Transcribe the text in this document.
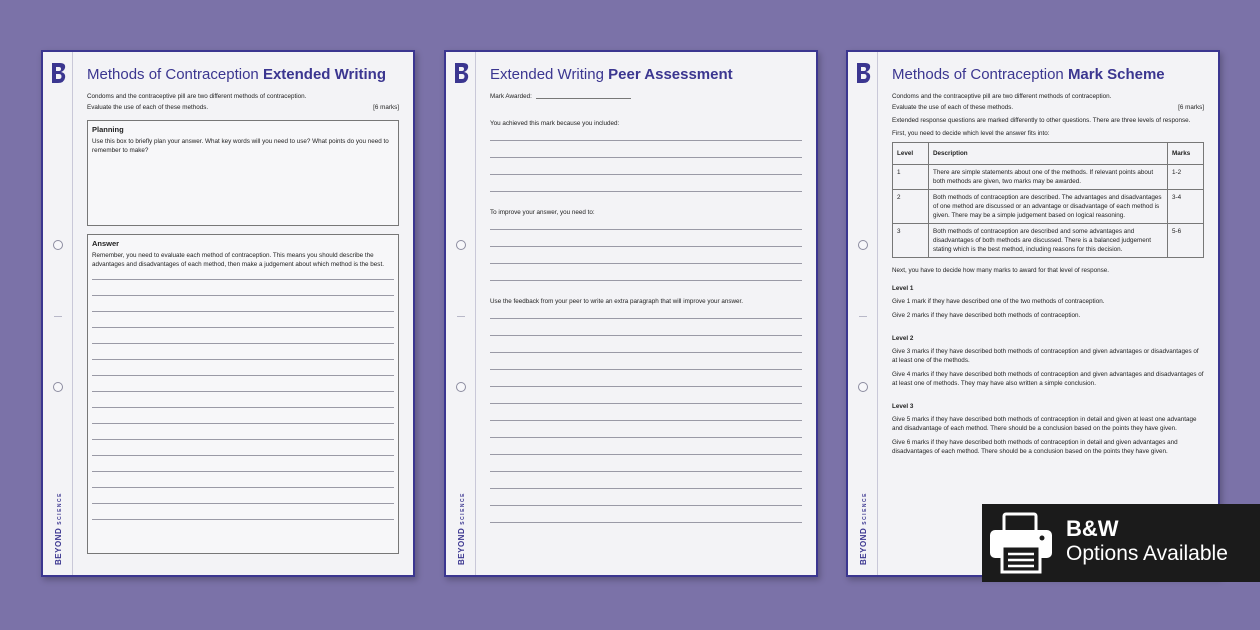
BEYONDSCIENCE
Methods of Contraception Extended Writing
Condoms and the contraceptive pill are two different methods of contraception.
Evaluate the use of each of these methods.	[6 marks]
Planning
Use this box to briefly plan your answer. What key words will you need to use? What points do you need to remember to make?
Answer
Remember, you need to evaluate each method of contraception. This means you should describe the advantages and disadvantages of each method, then make a judgement about which method is the best.
BEYONDSCIENCE
Extended Writing Peer Assessment
Mark Awarded:
You achieved this mark because you included:
To improve your answer, you need to:
Use the feedback from your peer to write an extra paragraph that will improve your answer.
BEYONDSCIENCE
Methods of Contraception Mark Scheme
Condoms and the contraceptive pill are two different methods of contraception.
Evaluate the use of each of these methods.	[6 marks]
Extended response questions are marked differently to other questions. There are three levels of response.
First, you need to decide which level the answer fits into:
Level	Description	Marks
1	There are simple statements about one of the methods. If relevant points about both methods are given, two marks may be awarded.	1-2
2	Both methods of contraception are described. The advantages and disadvantages of one method are discussed or an advantage or disadvantage of each method is given. There may be a simple judgement based on logical reasoning.	3-4
3	Both methods of contraception are described and some advantages and disadvantages of both methods are discussed. There is a balanced judgement stating which is the best method, including reasons for this decision.	5-6
Next, you have to decide how many marks to award for that level of response.
Level 1
Give 1 mark if they have described one of the two methods of contraception.
Give 2 marks if they have described both methods of contraception.
Level 2
Give 3 marks if they have described both methods of contraception and given advantages or disadvantages of at least one of the methods.
Give 4 marks if they have described both methods of contraception and given advantages and disadvantages of at least one of methods. They may have also written a simple conclusion.
Level 3
Give 5 marks if they have described both methods of contraception in detail and given at least one advantage and disadvantage of each method. There should be a conclusion based on the points they have given.
Give 6 marks if they have described both methods of contraception in detail and given advantages and disadvantages of each method. There should be a conclusion based on the points they have given.
B&W
Options Available
